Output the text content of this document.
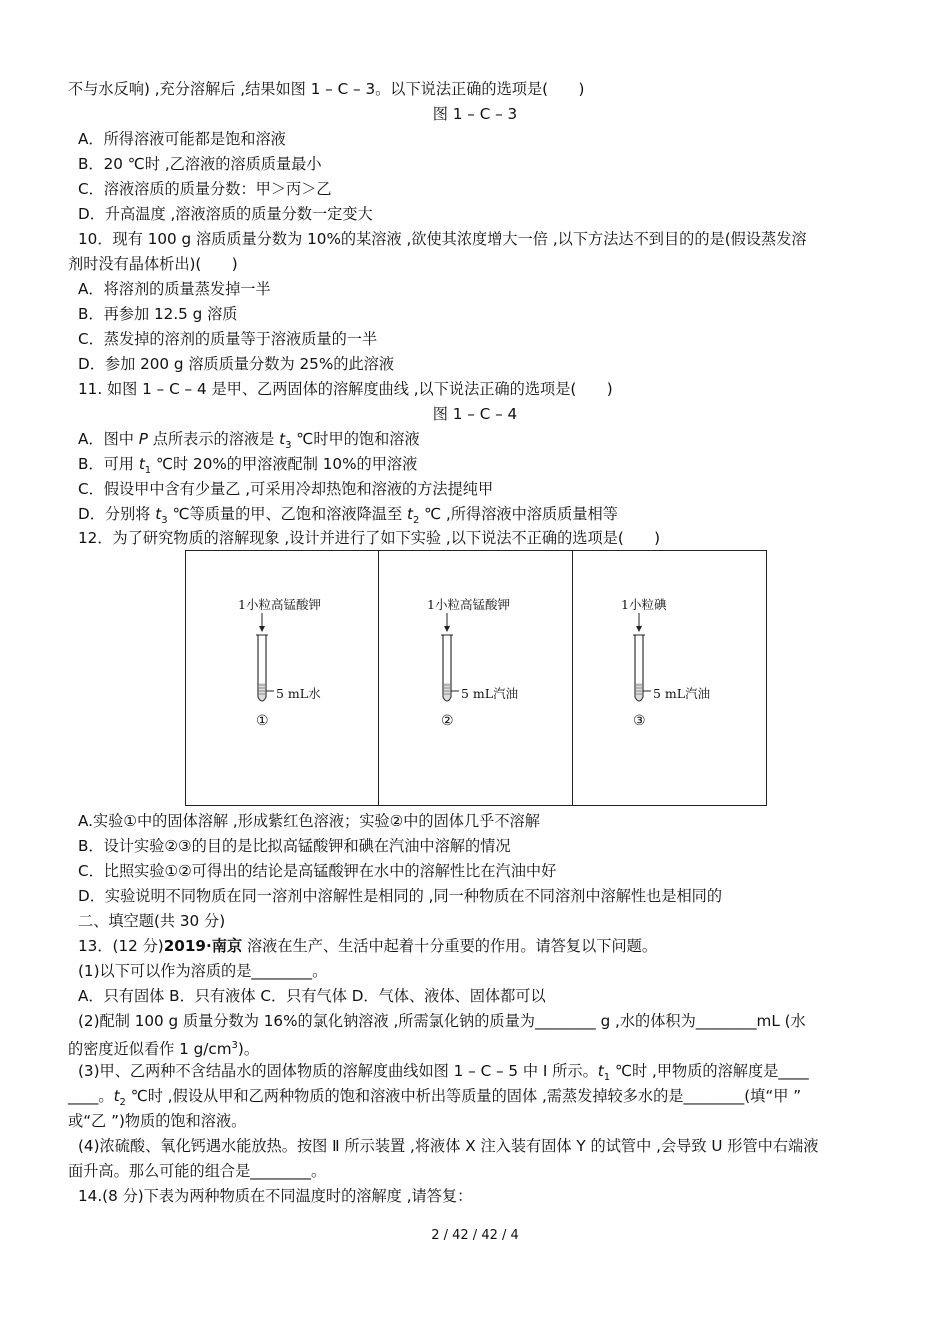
不与水反响) ,充分溶解后 ,结果如图 1 – C – 3。以下说法正确的选项是(　　)
图 1 – C – 3
A．所得溶液可能都是饱和溶液
B．20 ℃时 ,乙溶液的溶质质量最小
C．溶液溶质的质量分数：甲＞丙＞乙
D．升高温度 ,溶液溶质的质量分数一定变大
10．现有 100 g 溶质质量分数为 10%的某溶液 ,欲使其浓度增大一倍 ,以下方法达不到目的的是(假设蒸发溶
剂时没有晶体析出)(　　)
A．将溶剂的质量蒸发掉一半
B．再参加 12.5 g 溶质
C．蒸发掉的溶剂的质量等于溶液质量的一半
D．参加 200 g 溶质质量分数为 25%的此溶液
11. 如图 1 – C – 4 是甲、乙两固体的溶解度曲线 ,以下说法正确的选项是(　　)
图 1 – C – 4
A．图中 P 点所表示的溶液是 $t_3$ ℃时甲的饱和溶液
B．可用 $t_1$ ℃时 20%的甲溶液配制 10%的甲溶液
C．假设甲中含有少量乙 ,可采用冷却热饱和溶液的方法提纯甲
D．分别将 $t_3$ ℃等质量的甲、乙饱和溶液降温至 $t_2$ ℃ ,所得溶液中溶质质量相等
12．为了研究物质的溶解现象 ,设计并进行了如下实验 ,以下说法不正确的选项是(　　)
1小粒高锰酸钾
5 mL水
①
1小粒高锰酸钾
5 mL汽油
②
1小粒碘
5 mL汽油
③
A.实验①中的固体溶解 ,形成紫红色溶液；实验②中的固体几乎不溶解
B．设计实验②③的目的是比拟高锰酸钾和碘在汽油中溶解的情况
C．比照实验①②可得出的结论是高锰酸钾在水中的溶解性比在汽油中好
D．实验说明不同物质在同一溶剂中溶解性是相同的 ,同一种物质在不同溶剂中溶解性也是相同的
二、填空题(共 30 分)
13．(12 分)2019·南京 溶液在生产、生活中起着十分重要的作用。请答复以下问题。
(1)以下可以作为溶质的是________。
A．只有固体 B．只有液体 C．只有气体 D．气体、液体、固体都可以
(2)配制 100 g 质量分数为 16%的氯化钠溶液 ,所需氯化钠的质量为________ g ,水的体积为________mL (水
的密度近似看作 1 $g/cm^3$)。
(3)甲、乙两种不含结晶水的固体物质的溶解度曲线如图 1 – C – 5 中 Ⅰ 所示。$t_1$ ℃时 ,甲物质的溶解度是____
____。$t_2$ ℃时 ,假设从甲和乙两种物质的饱和溶液中析出等质量的固体 ,需蒸发掉较多水的是________(填“甲 ”
或“乙 ”)物质的饱和溶液。
(4)浓硫酸、氧化钙遇水能放热。按图 Ⅱ 所示装置 ,将液体 X 注入装有固体 Y 的试管中 ,会导致 U 形管中右端液
面升高。那么可能的组合是________。
14.(8 分)下表为两种物质在不同温度时的溶解度 ,请答复：
2 / 42 / 42 / 4
